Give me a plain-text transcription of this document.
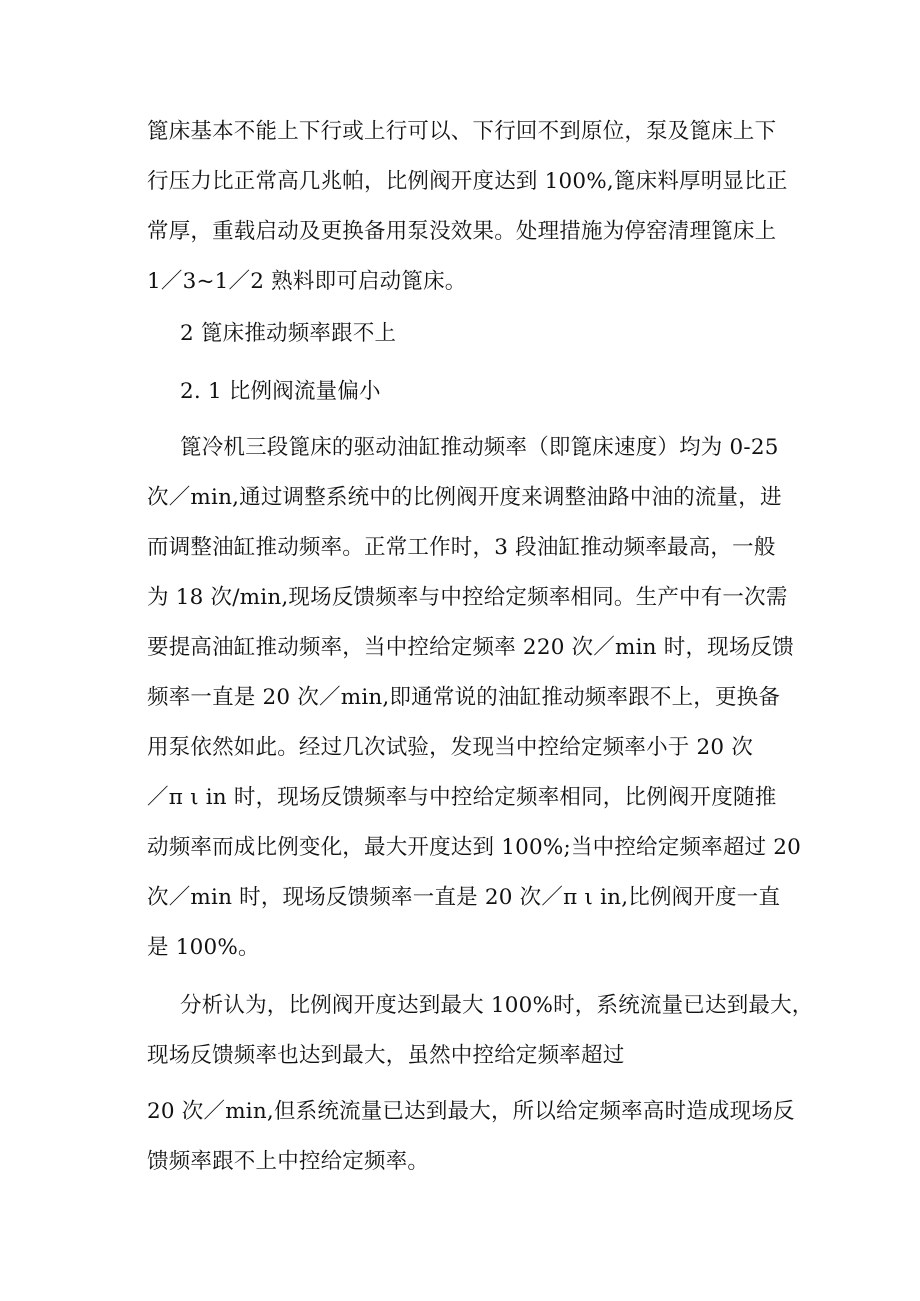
篦床基本不能上下行或上行可以、下行回不到原位，泵及篦床上下
行压力比正常高几兆帕，比例阀开度达到 100%,篦床料厚明显比正
常厚，重载启动及更换备用泵没效果。处理措施为停窑清理篦床上
1／3~1／2 熟料即可启动篦床。
2 篦床推动频率跟不上
2. 1 比例阀流量偏小
篦冷机三段篦床的驱动油缸推动频率（即篦床速度）均为 0-25
次／min,通过调整系统中的比例阀开度来调整油路中油的流量，进
而调整油缸推动频率。正常工作时，3 段油缸推动频率最高，一般
为 18 次/min,现场反馈频率与中控给定频率相同。生产中有一次需
要提高油缸推动频率，当中控给定频率 220 次／min 时，现场反馈
频率一直是 20 次／min,即通常说的油缸推动频率跟不上，更换备
用泵依然如此。经过几次试验，发现当中控给定频率小于 20 次
／π ι in 时，现场反馈频率与中控给定频率相同，比例阀开度随推
动频率而成比例变化，最大开度达到 100%;当中控给定频率超过 20
次／min 时，现场反馈频率一直是 20 次／π ι in,比例阀开度一直
是 100%。
分析认为，比例阀开度达到最大 100%时，系统流量已达到最大，
现场反馈频率也达到最大，虽然中控给定频率超过
20 次／min,但系统流量已达到最大，所以给定频率高时造成现场反
馈频率跟不上中控给定频率。
